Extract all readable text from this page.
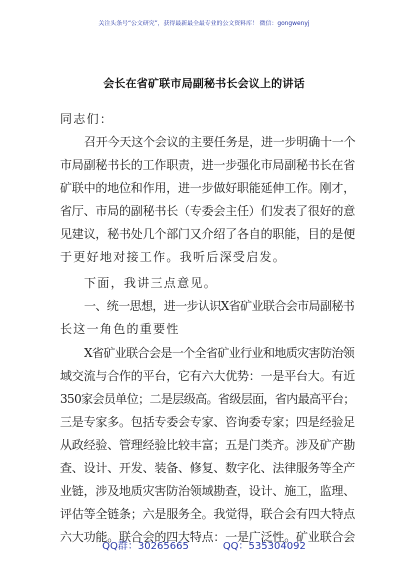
关注头条号“公文研究”，获得最新最全最专业的公文资料库！ 微信：gongwenyj
会长在省矿联市局副秘书长会议上的讲话
同志们：
召开今天这个会议的主要任务是，进一步明确十一个
市局副秘书长的工作职责，进一步强化市局副秘书长在省
矿联中的地位和作用，进一步做好职能延伸工作。刚才，
省厅、市局的副秘书长（专委会主任）们发表了很好的意
见建议，秘书处几个部门又介绍了各自的职能，目的是便
于更好地对接工作。我听后深受启发。
下面，我讲三点意见。
一、统一思想，进一步认识X省矿业联合会市局副秘书
长这一角色的重要性
X省矿业联合会是一个全省矿业行业和地质灾害防治领
域交流与合作的平台，它有六大优势：一是平台大。有近
350家会员单位；二是层级高。省级层面，省内最高平台；
三是专家多。包括专委会专家、咨询委专家；四是经验足
从政经验、管理经验比较丰富；五是门类齐。涉及矿产勘
查、设计、开发、装备、修复、数字化、法律服务等全产
业链，涉及地质灾害防治领域勘查，设计、施工，监理、
评估等全链条；六是服务全。我觉得，联合会有四大特点
六大功能。联合会的四大特点：一是广泛性。矿业联合会
QQ群：30265665	QQ：535304092
